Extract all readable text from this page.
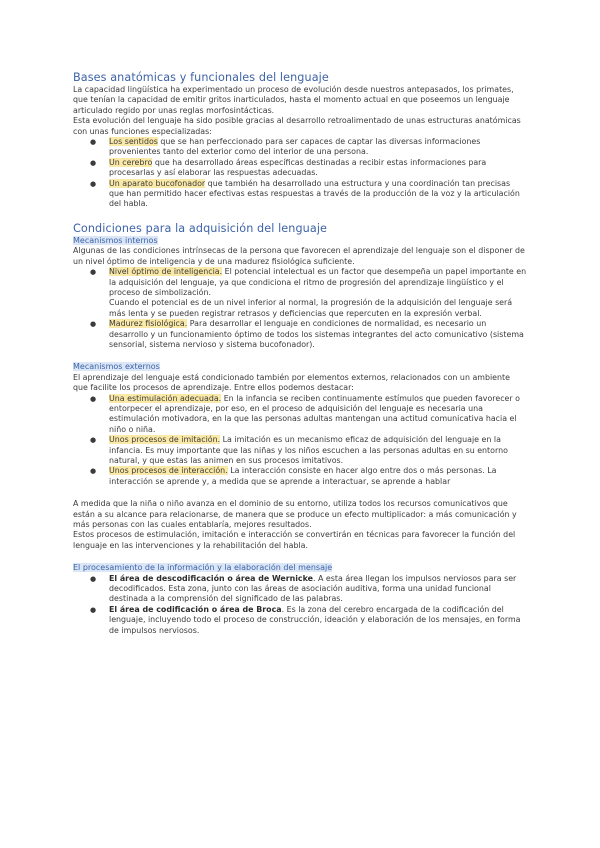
Bases anatómicas y funcionales del lenguaje

La capacidad lingüística ha experimentado un proceso de evolución desde nuestros antepasados, los primates, que tenían la capacidad de emitir gritos inarticulados, hasta el momento actual en que poseemos un lenguaje articulado regido por unas reglas morfosintácticas.

Esta evolución del lenguaje ha sido posible gracias al desarrollo retroalimentado de unas estructuras anatómicas con unas funciones especializadas:

● Los sentidos que se han perfeccionado para ser capaces de captar las diversas informaciones provenientes tanto del exterior como del interior de una persona.
● Un cerebro que ha desarrollado áreas específicas destinadas a recibir estas informaciones para procesarlas y así elaborar las respuestas adecuadas.
● Un aparato bucofonador que también ha desarrollado una estructura y una coordinación tan precisas que han permitido hacer efectivas estas respuestas a través de la producción de la voz y la articulación del habla.
Condiciones para la adquisición del lenguaje

Mecanismos internos

Algunas de las condiciones intrínsecas de la persona que favorecen el aprendizaje del lenguaje son el disponer de un nivel óptimo de inteligencia y de una madurez fisiológica suficiente.

● Nivel óptimo de inteligencia. El potencial intelectual es un factor que desempeña un papel importante en la adquisición del lenguaje, ya que condiciona el ritmo de progresión del aprendizaje lingüístico y el proceso de simbolización.
Cuando el potencial es de un nivel inferior al normal, la progresión de la adquisición del lenguaje será más lenta y se pueden registrar retrasos y deficiencias que repercuten en la expresión verbal.
● Madurez fisiológica. Para desarrollar el lenguaje en condiciones de normalidad, es necesario un desarrollo y un funcionamiento óptimo de todos los sistemas integrantes del acto comunicativo (sistema sensorial, sistema nervioso y sistema bucofonador).

Mecanismos externos

El aprendizaje del lenguaje está condicionado también por elementos externos, relacionados con un ambiente que facilite los procesos de aprendizaje. Entre ellos podemos destacar:

● Una estimulación adecuada. En la infancia se reciben continuamente estímulos que pueden favorecer o entorpecer el aprendizaje, por eso, en el proceso de adquisición del lenguaje es necesaria una estimulación motivadora, en la que las personas adultas mantengan una actitud comunicativa hacia el niño o niña.
● Unos procesos de imitación. La imitación es un mecanismo eficaz de adquisición del lenguaje en la infancia. Es muy importante que las niñas y los niños escuchen a las personas adultas en su entorno natural, y que estas las animen en sus procesos imitativos.
● Unos procesos de interacción. La interacción consiste en hacer algo entre dos o más personas. La interacción se aprende y, a medida que se aprende a interactuar, se aprende a hablar

A medida que la niña o niño avanza en el dominio de su entorno, utiliza todos los recursos comunicativos que están a su alcance para relacionarse, de manera que se produce un efecto multiplicador: a más comunicación y más personas con las cuales entablaría, mejores resultados.

Estos procesos de estimulación, imitación e interacción se convertirán en técnicas para favorecer la función del lenguaje en las intervenciones y la rehabilitación del habla.

El procesamiento de la información y la elaboración del mensaje

● El área de descodificación o área de Wernicke. A esta área llegan los impulsos nerviosos para ser decodificados. Esta zona, junto con las áreas de asociación auditiva, forma una unidad funcional destinada a la comprensión del significado de las palabras.
● El área de codificación o área de Broca. Es la zona del cerebro encargada de la codificación del lenguaje, incluyendo todo el proceso de construcción, ideación y elaboración de los mensajes, en forma de impulsos nerviosos.
